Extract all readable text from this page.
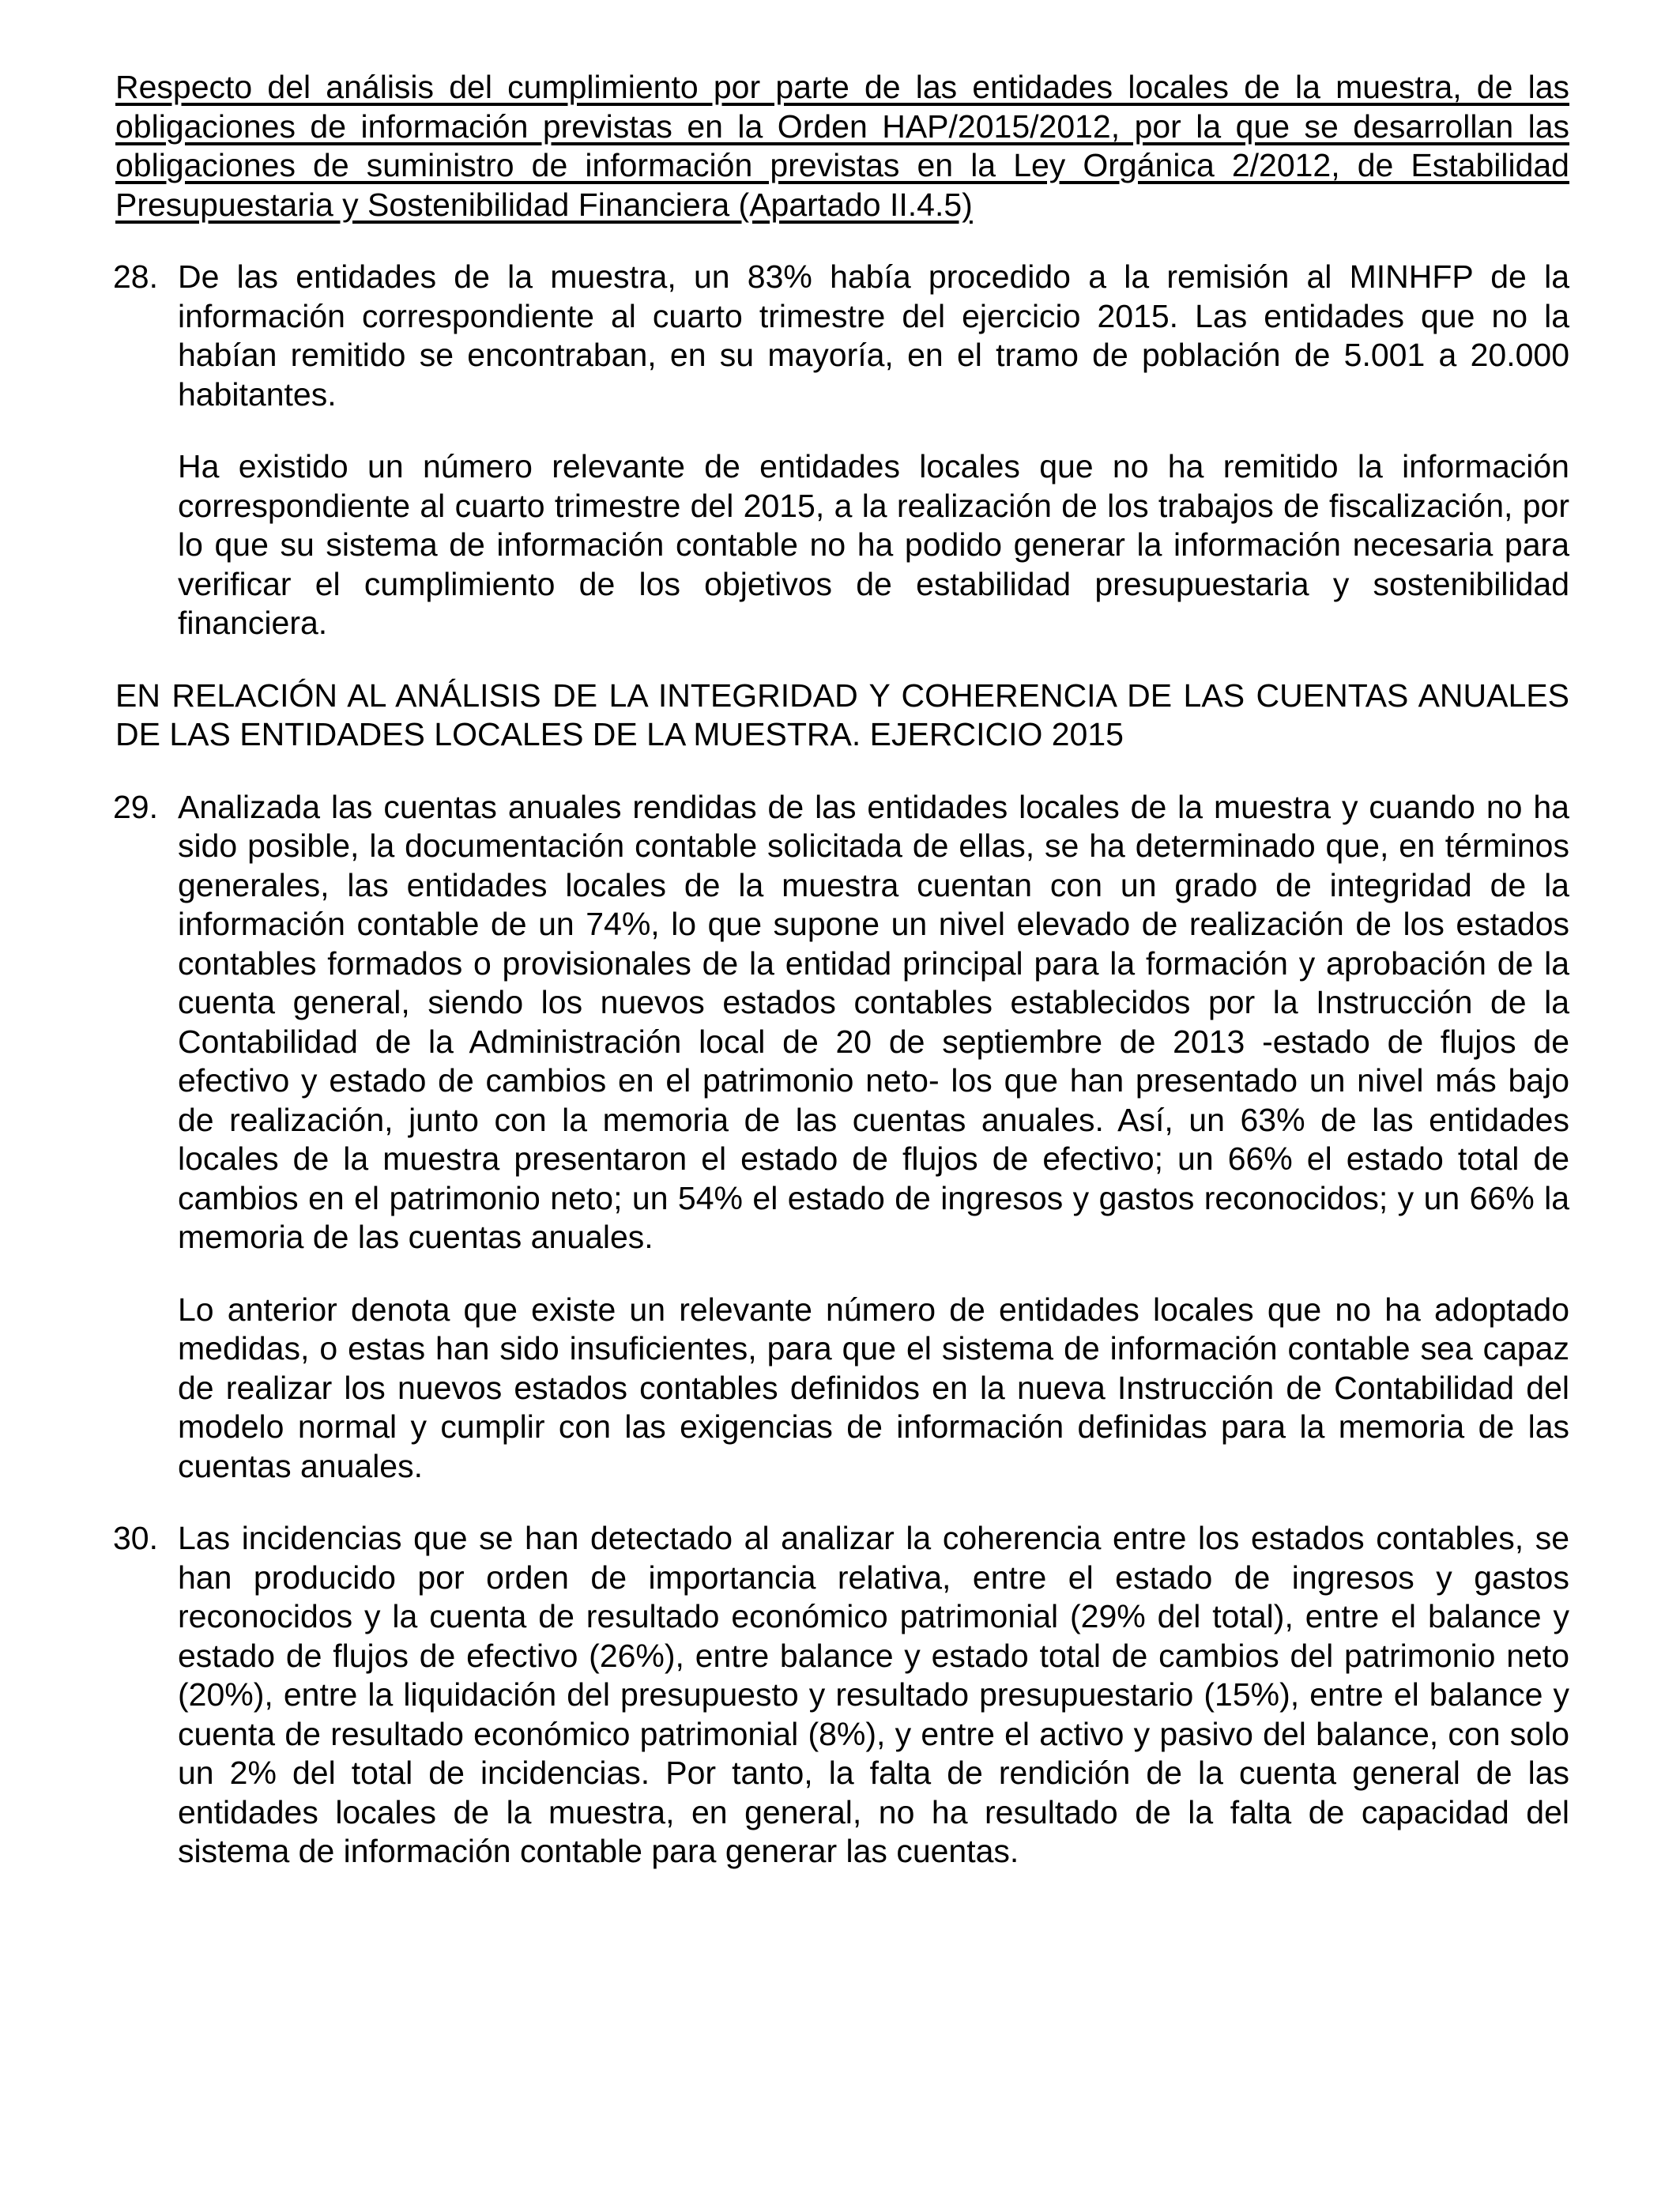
Respecto del análisis del cumplimiento por parte de las entidades locales de la muestra, de las obligaciones de información previstas en la Orden HAP/2015/2012, por la que se desarrollan las obligaciones de suministro de información previstas en la Ley Orgánica 2/2012, de Estabilidad Presupuestaria y Sostenibilidad Financiera (Apartado II.4.5)

28. De las entidades de la muestra, un 83% había procedido a la remisión al MINHFP de la información correspondiente al cuarto trimestre del ejercicio 2015. Las entidades que no la habían remitido se encontraban, en su mayoría, en el tramo de población de 5.001 a 20.000 habitantes.

Ha existido un número relevante de entidades locales que no ha remitido la información correspondiente al cuarto trimestre del 2015, a la realización de los trabajos de fiscalización, por lo que su sistema de información contable no ha podido generar la información necesaria para verificar el cumplimiento de los objetivos de estabilidad presupuestaria y sostenibilidad financiera.

EN RELACIÓN AL ANÁLISIS DE LA INTEGRIDAD Y COHERENCIA DE LAS CUENTAS ANUALES DE LAS ENTIDADES LOCALES DE LA MUESTRA. EJERCICIO 2015

29. Analizada las cuentas anuales rendidas de las entidades locales de la muestra y cuando no ha sido posible, la documentación contable solicitada de ellas, se ha determinado que, en términos generales, las entidades locales de la muestra cuentan con un grado de integridad de la información contable de un 74%, lo que supone un nivel elevado de realización de los estados contables formados o provisionales de la entidad principal para la formación y aprobación de la cuenta general, siendo los nuevos estados contables establecidos por la Instrucción de la Contabilidad de la Administración local de 20 de septiembre de 2013 -estado de flujos de efectivo y estado de cambios en el patrimonio neto- los que han presentado un nivel más bajo de realización, junto con la memoria de las cuentas anuales. Así, un 63% de las entidades locales de la muestra presentaron el estado de flujos de efectivo; un 66% el estado total de cambios en el patrimonio neto; un 54% el estado de ingresos y gastos reconocidos; y un 66% la memoria de las cuentas anuales.

Lo anterior denota que existe un relevante número de entidades locales que no ha adoptado medidas, o estas han sido insuficientes, para que el sistema de información contable sea capaz de realizar los nuevos estados contables definidos en la nueva Instrucción de Contabilidad del modelo normal y cumplir con las exigencias de información definidas para la memoria de las cuentas anuales.

30. Las incidencias que se han detectado al analizar la coherencia entre los estados contables, se han producido por orden de importancia relativa, entre el estado de ingresos y gastos reconocidos y la cuenta de resultado económico patrimonial (29% del total), entre el balance y estado de flujos de efectivo (26%), entre balance y estado total de cambios del patrimonio neto (20%), entre la liquidación del presupuesto y resultado presupuestario (15%), entre el balance y cuenta de resultado económico patrimonial (8%), y entre el activo y pasivo del balance, con solo un 2% del total de incidencias. Por tanto, la falta de rendición de la cuenta general de las entidades locales de la muestra, en general, no ha resultado de la falta de capacidad del sistema de información contable para generar las cuentas.
